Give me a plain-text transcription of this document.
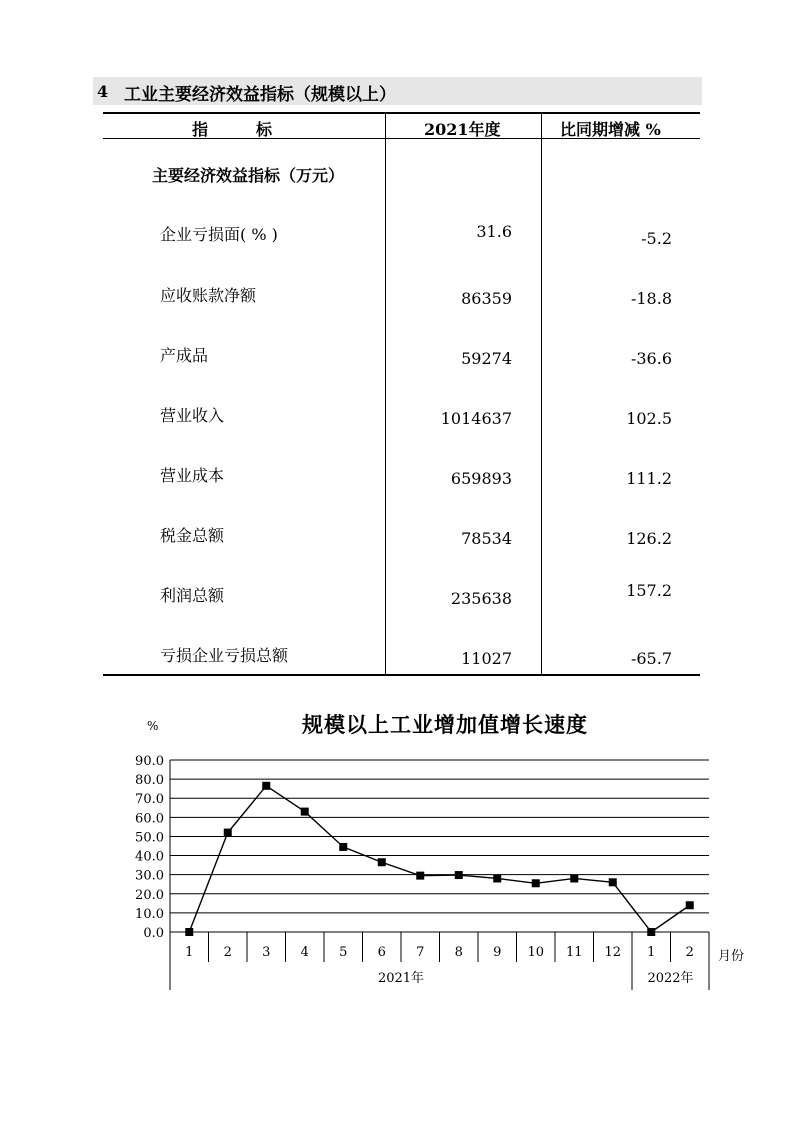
4 工业主要经济效益指标（规模以上）
指　　　标	2021年度	比同期增减 %
主要经济效益指标（万元）
企业亏损面( % )	31.6	-5.2
应收账款净额	86359	-18.8
产成品	59274	-36.6
营业收入	1014637	102.5
营业成本	659893	111.2
税金总额	78534	126.2
利润总额	235638	157.2
亏损企业亏损总额	11027	-65.7
%	规模以上工业增加值增长速度
0.0
10.0
20.0
30.0
40.0
50.0
60.0
70.0
80.0
90.0
1 2 3 4 5 6 7 8 9 10 11 12 1 2
2021年	2022年
月份
